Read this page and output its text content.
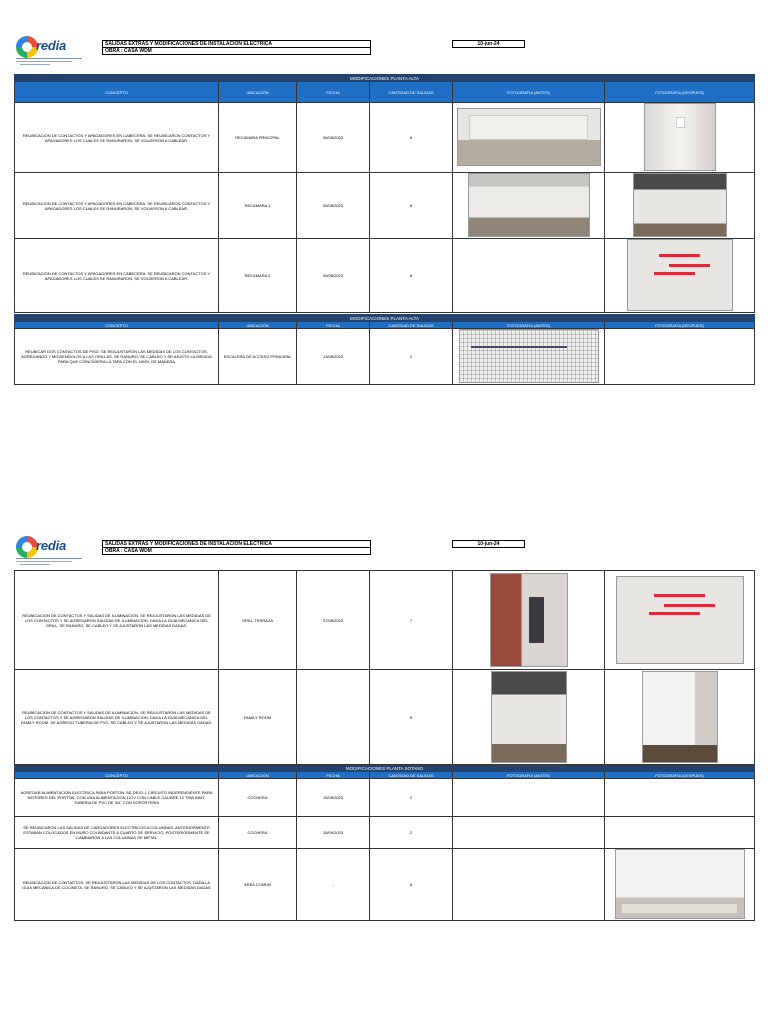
redia	SALIDAS EXTRAS Y MODIFICACIONES DE INSTALACION ELECTRICA
OBRA : CASA WDM
10-jun-24
MODIFICACIONES PLANTA ALTA					
CONCEPTO	UBICACIÓN	FECHA	CANTIDAD DE SALIDAS	FOTOGRAFIA (ANTES)	FOTOGRAFIA (DESPUES)
REUBICACION DE CONTACTOS Y APAGADORES EN CABECERA. SE REUBICARON CONTACTOS Y APAGADORES LOS CUALES SE RANURARON, SE VOLVIERON A CABLEAR.	RECAMARA PRINCIPAL	06/08/2023	6		
REUBICACION DE CONTACTOS Y APAGADORES EN CABECERA. SE REUBICARON CONTACTOS Y APAGADORES LOS CUALES SE RANURARON, SE VOLVIERON A CABLEAR.	RECAMARA 1	06/08/2023	6		
REUBICACION DE CONTACTOS Y APAGADORES EN CABECERA. SE REUBICARON CONTACTOS Y APAGADORES LOS CUALES SE RANURARON, SE VOLVIERON A CABLEAR.	RECAMARA 2	06/08/2023	6		
MODIFICACIONES PLANTA ALTA					
CONCEPTO	UBICACIÓN	FECHA	CANTIDAD DE SALIDAS	FOTOGRAFIA (ANTES)	FOTOGRAFIA (DESPUES)
REUBICAR DOS CONTACTOS DE PISO. SE REAJUSTARON LAS MEDIDAS DE LOS CONTACTOS, AGREGANDO Y MOVIENDOLOS A LAS ORILLAS. SE RANURO, SE CABLEO Y SE AJUSTO LA MEDIDA PARA QUE COINCIDIERA LA TAPA CON EL NIVEL DE MADERA	ESCALERA DE ACCESO PRINCIPAL	13/08/2023	2		
redia	SALIDAS EXTRAS Y MODIFICACIONES DE INSTALACION ELECTRICA
OBRA : CASA WDM
10-jun-24
REUBICACION DE CONTACTOS Y SALIDAS DE ILUMINACION. SE REAJUSTARON LAS MEDIDAS DE LOS CONTACTOS Y SE AGREGARON SALIDAS DE ILUMINACION, DADA LA GUIA MECANICA DEL GRILL. SE RANURO, SE CABLEO Y SE AJUSTARON LAS MEDIDAS DADAS.	GRILL TERRAZA	27/08/2023	7		
REUBICACION DE CONTACTOS Y SALIDAS DE ILUMINACION. SE REAJUSTARON LAS MEDIDAS DE LOS CONTACTOS Y SE AGREGARON SALIDAS DE ILUMINACION, DADA LA GUIA MECANICA DEL FAMILY ROOM. SE AGREGO TUBERIA DE PVC, SE CABLEO Y SE AJUSTARON LAS MEDIDAS DADAS.	FAMILY ROOM		5		
MODIFICACIONES PLANTA SOTANO					
CONCEPTO	UBICACIÓN	FECHA	CANTIDAD DE SALIDAS	FOTOGRAFIA (ANTES)	FOTOGRAFIA (DESPUES)
AGREGAR ALIMENTACION ELECTRICA PARA PORTON. SE DEJO 1 CIRCUITO INDEPENDIENTE PARA MOTORES DEL PORTON, CON UNA ALIMENTACION 127V CON CABLE CALIBRE 12 THW AWG, TUBERIA DE PVC DE 3/4" CON SOPORTERIA	COCHERA	15/09/2023	2		
SE REUBICARON LAS SALIDAS DE CARGADORES ELECTRICOS A COLUMNAS, ANTERIORMENTE ESTABAN COLOCADOS EN MURO COLINDANTE A CUARTO DE SERVICIO, POSTERIORMENTE SE CAMBIARON A LAS COLUMNAS DE METAL	COCHERA	15/09/2023	2		
REUBICACION DE CONTACTOS. SE REAJUSTARON LAS MEDIDAS DE LOS CONTACTOS, DADA LA GUIA MECANICA DE COCINETA. SE RANURO, SE CABLEO Y SE AJUSTARON LAS MEDIDAS DADAS	AREA COMUN	-	6		
